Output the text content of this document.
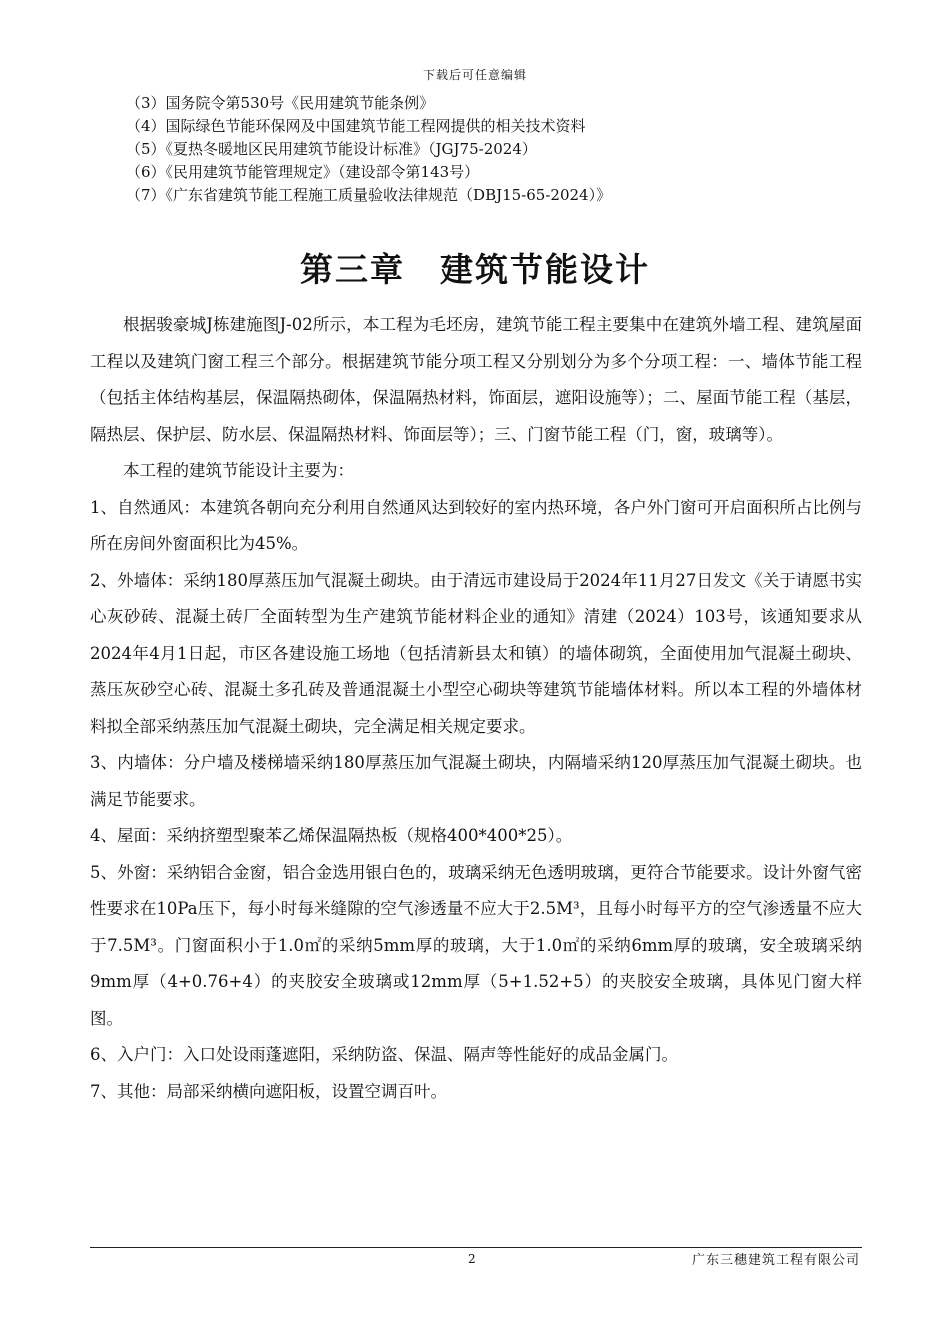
下载后可任意编辑
（3）国务院令第530号《民用建筑节能条例》
（4）国际绿色节能环保网及中国建筑节能工程网提供的相关技术资料
（5）《夏热冬暖地区民用建筑节能设计标准》（JGJ75-2024）
（6）《民用建筑节能管理规定》（建设部令第143号）
（7）《广东省建筑节能工程施工质量验收法律规范（DBJ15-65-2024）》
第三章　建筑节能设计

根据骏豪城J栋建施图J-02所示，本工程为毛坯房，建筑节能工程主要集中在建筑外墙工程、建筑屋面工程以及建筑门窗工程三个部分。根据建筑节能分项工程又分别划分为多个分项工程：一、墙体节能工程（包括主体结构基层，保温隔热砌体，保温隔热材料，饰面层，遮阳设施等）；二、屋面节能工程（基层，隔热层、保护层、防水层、保温隔热材料、饰面层等）；三、门窗节能工程（门，窗，玻璃等）。

本工程的建筑节能设计主要为：

1、自然通风：本建筑各朝向充分利用自然通风达到较好的室内热环境，各户外门窗可开启面积所占比例与所在房间外窗面积比为45%。

2、外墙体：采纳180厚蒸压加气混凝土砌块。由于清远市建设局于2024年11月27日发文《关于请愿书实心灰砂砖、混凝土砖厂全面转型为生产建筑节能材料企业的通知》清建（2024）103号，该通知要求从2024年4月1日起，市区各建设施工场地（包括清新县太和镇）的墙体砌筑，全面使用加气混凝土砌块、蒸压灰砂空心砖、混凝土多孔砖及普通混凝土小型空心砌块等建筑节能墙体材料。所以本工程的外墙体材料拟全部采纳蒸压加气混凝土砌块，完全满足相关规定要求。

3、内墙体：分户墙及楼梯墙采纳180厚蒸压加气混凝土砌块，内隔墙采纳120厚蒸压加气混凝土砌块。也满足节能要求。

4、屋面：采纳挤塑型聚苯乙烯保温隔热板（规格400*400*25）。

5、外窗：采纳铝合金窗，铝合金选用银白色的，玻璃采纳无色透明玻璃，更符合节能要求。设计外窗气密性要求在10Pa压下，每小时每米缝隙的空气渗透量不应大于2.5M³，且每小时每平方的空气渗透量不应大于7.5M³。门窗面积小于1.0㎡的采纳5mm厚的玻璃，大于1.0㎡的采纳6mm厚的玻璃，安全玻璃采纳9mm厚（4+0.76+4）的夹胶安全玻璃或12mm厚（5+1.52+5）的夹胶安全玻璃，具体见门窗大样图。

6、入户门：入口处设雨蓬遮阳，采纳防盗、保温、隔声等性能好的成品金属门。

7、其他：局部采纳横向遮阳板，设置空调百叶。

2	广东三穗建筑工程有限公司
